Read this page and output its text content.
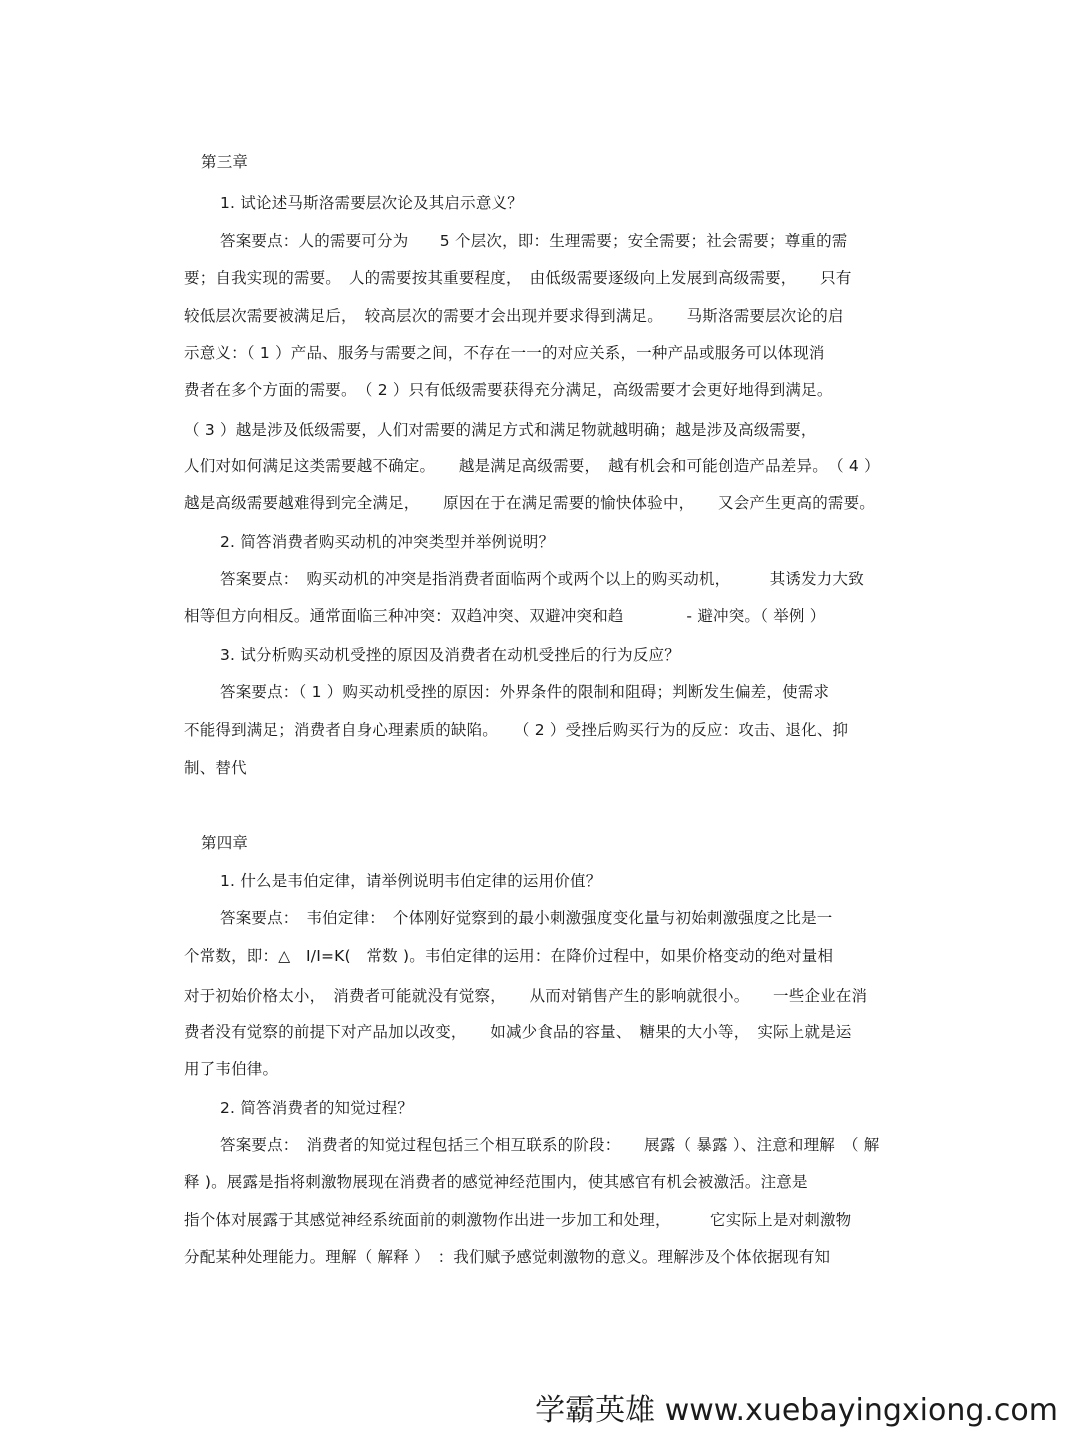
第三章
1. 试论述马斯洛需要层次论及其启示意义？
答案要点：人的需要可分为　　5 个层次，即：生理需要；安全需要；社会需要；尊重的需
要；自我实现的需要。　人的需要按其重要程度，　由低级需要逐级向上发展到高级需要，　　只有
较低层次需要被满足后，　较高层次的需要才会出现并要求得到满足。　　马斯洛需要层次论的启
示意义：（ 1 ）产品、服务与需要之间，不存在一一的对应关系，一种产品或服务可以体现消
费者在多个方面的需要。　（ 2 ）只有低级需要获得充分满足，高级需要才会更好地得到满足。
（ 3 ）越是涉及低级需要，人们对需要的满足方式和满足物就越明确；越是涉及高级需要，
人们对如何满足这类需要越不确定。　　越是满足高级需要，　越有机会和可能创造产品差异。　（ 4 ）
越是高级需要越难得到完全满足，　　原因在于在满足需要的愉快体验中，　　又会产生更高的需要。
2. 简答消费者购买动机的冲突类型并举例说明？
答案要点：　购买动机的冲突是指消费者面临两个或两个以上的购买动机，　　　其诱发力大致
相等但方向相反。通常面临三种冲突：双趋冲突、双避冲突和趋　　　　- 避冲突。（ 举例 ）
3. 试分析购买动机受挫的原因及消费者在动机受挫后的行为反应？
答案要点：（ 1 ）购买动机受挫的原因：外界条件的限制和阻碍；判断发生偏差，使需求
不能得到满足；消费者自身心理素质的缺陷。　　（ 2 ）受挫后购买行为的反应：攻击、退化、抑
制、替代
第四章
1. 什么是韦伯定律，请举例说明韦伯定律的运用价值？
答案要点：　韦伯定律：　个体刚好觉察到的最小刺激强度变化量与初始刺激强度之比是一
个常数，即：△　I/I=K(　常数 )。韦伯定律的运用：在降价过程中，如果价格变动的绝对量相
对于初始价格太小，　消费者可能就没有觉察，　　从而对销售产生的影响就很小。　　一些企业在消
费者没有觉察的前提下对产品加以改变，　　如减少食品的容量、　糖果的大小等，　实际上就是运
用了韦伯律。
2. 简答消费者的知觉过程？
答案要点：　消费者的知觉过程包括三个相互联系的阶段：　　展露（ 暴露 ）、注意和理解　（ 解
释 )。展露是指将刺激物展现在消费者的感觉神经范围内，使其感官有机会被激活。注意是
指个体对展露于其感觉神经系统面前的刺激物作出进一步加工和处理，　　　它实际上是对刺激物
分配某种处理能力。理解（ 解释 ）　：我们赋予感觉刺激物的意义。理解涉及个体依据现有知
学霸英雄 www.xuebayingxiong.com
